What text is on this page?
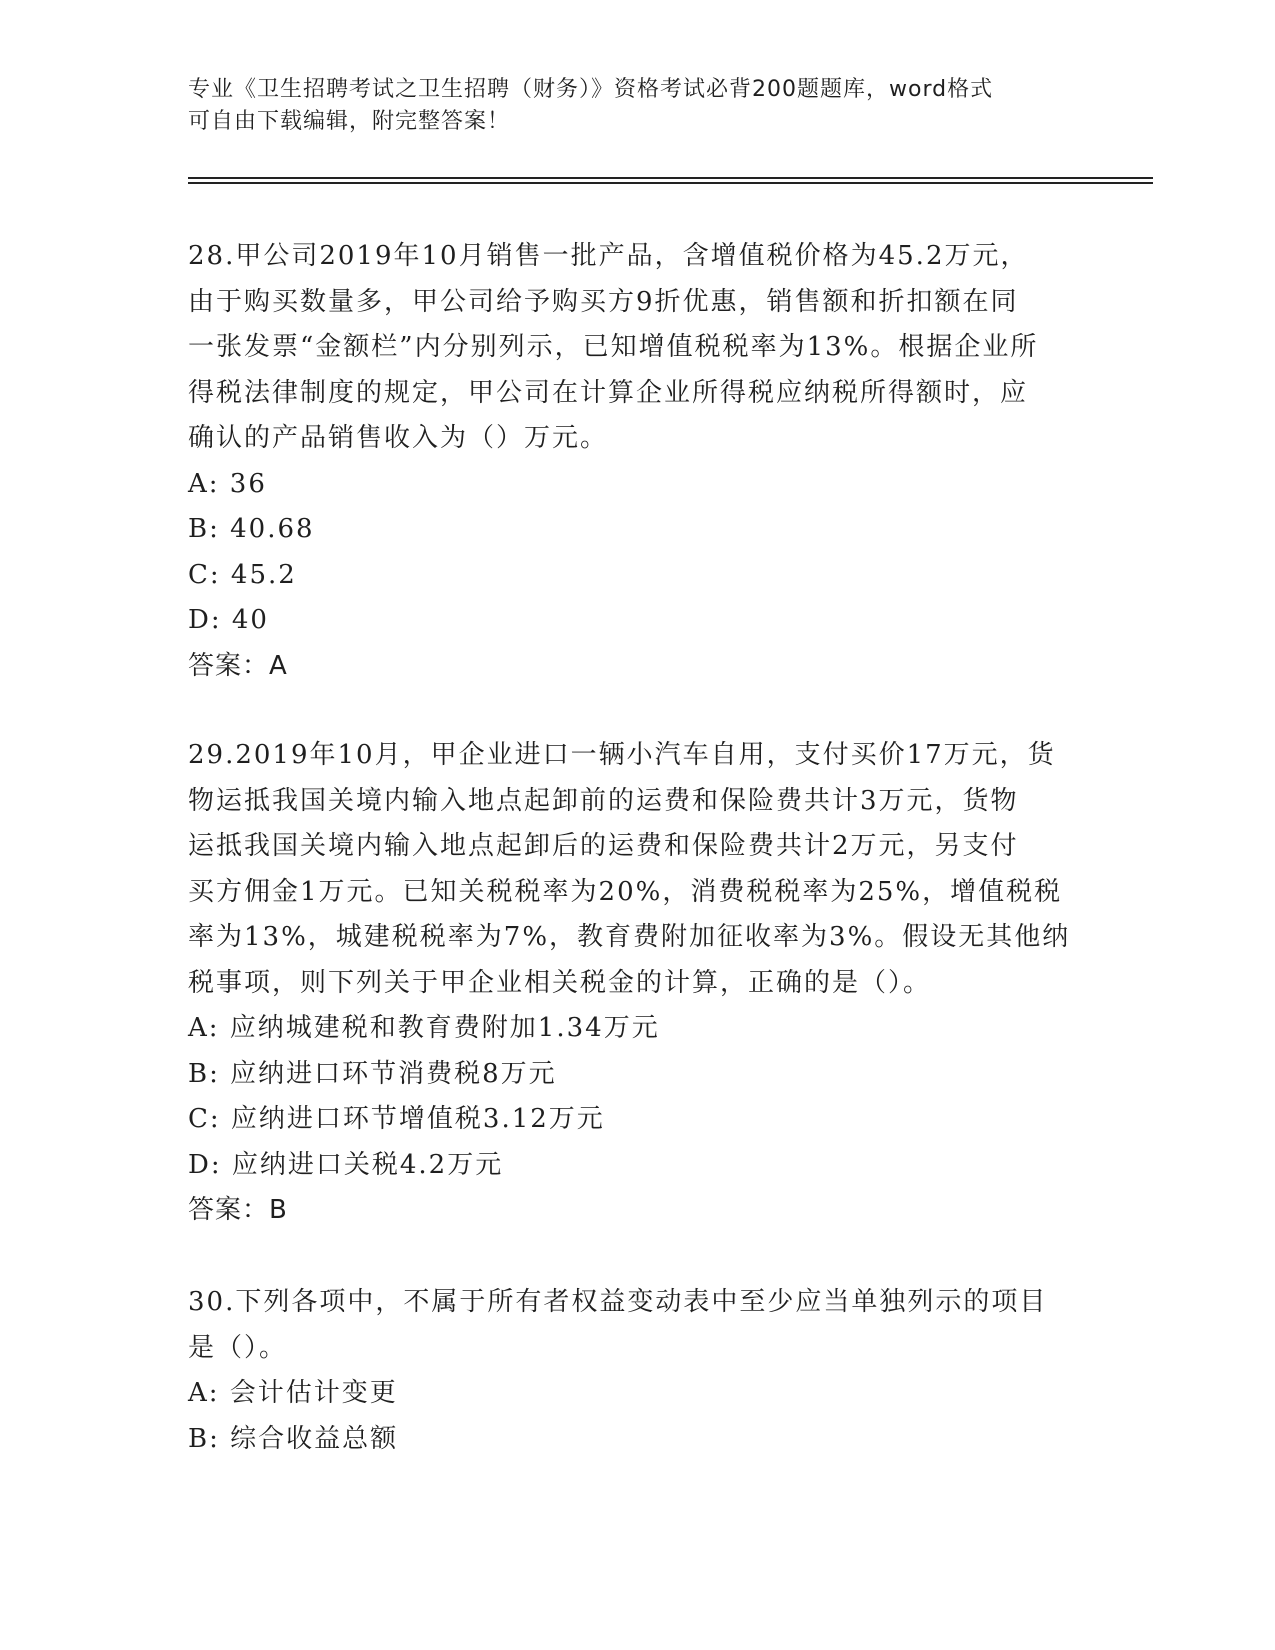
专业《卫生招聘考试之卫生招聘（财务）》资格考试必背200题题库，word格式
可自由下载编辑，附完整答案！

28.甲公司2019年10月销售一批产品，含增值税价格为45.2万元，

由于购买数量多，甲公司给予购买方9折优惠，销售额和折扣额在同

一张发票“金额栏”内分别列示，已知增值税税率为13%。根据企业所

得税法律制度的规定，甲公司在计算企业所得税应纳税所得额时，应

确认的产品销售收入为（）万元。

A: 36

B: 40.68

C: 45.2

D: 40

答案：A

29.2019年10月，甲企业进口一辆小汽车自用，支付买价17万元，货

物运抵我国关境内输入地点起卸前的运费和保险费共计3万元，货物

运抵我国关境内输入地点起卸后的运费和保险费共计2万元，另支付

买方佣金1万元。已知关税税率为20%，消费税税率为25%，增值税税

率为13%，城建税税率为7%，教育费附加征收率为3%。假设无其他纳

税事项，则下列关于甲企业相关税金的计算，正确的是（）。

A: 应纳城建税和教育费附加1.34万元

B: 应纳进口环节消费税8万元

C: 应纳进口环节增值税3.12万元

D: 应纳进口关税4.2万元

答案：B

30.下列各项中，不属于所有者权益变动表中至少应当单独列示的项目

是（）。

A: 会计估计变更

B: 综合收益总额
